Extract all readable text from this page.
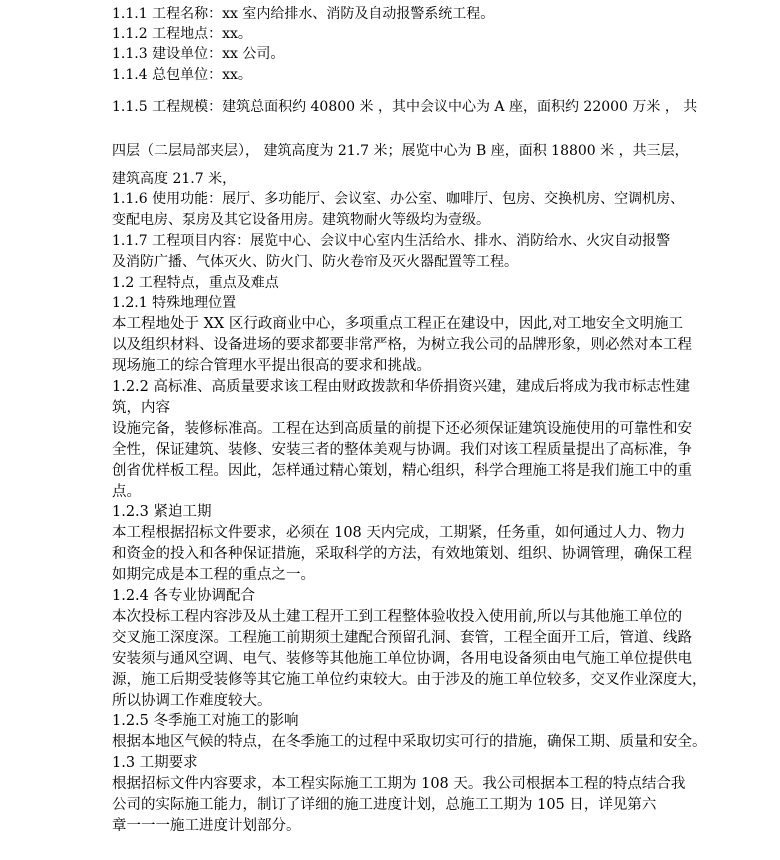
1.1.1 工程名称：xx 室内给排水、消防及自动报警系统工程。
1.1.2 工程地点：xx。
1.1.3 建设单位：xx 公司。
1.1.4 总包单位：xx。
1.1.5 工程规模：建筑总面积约 40800 米 ，其中会议中心为 A 座，面积约 22000 万米 ， 共
四层（二层局部夹层）， 建筑高度为 21.7 米；展览中心为 B 座，面积 18800 米 ，共三层，
建筑高度 21.7 米，
1.1.6 使用功能：展厅、多功能厅、会议室、办公室、咖啡厅、包房、交换机房、空调机房、
变配电房、泵房及其它设备用房。建筑物耐火等级均为壹级。
1.1.7 工程项目内容：展览中心、会议中心室内生活给水、排水、消防给水、火灾自动报警
及消防广播、气体灭火、防火门、防火卷帘及灭火器配置等工程。
1.2 工程特点，重点及难点
1.2.1 特殊地理位置
本工程地处于 XX 区行政商业中心，多项重点工程正在建设中，因此,对工地安全文明施工
以及组织材料、设备进场的要求都要非常严格，为树立我公司的品牌形象，则必然对本工程
现场施工的综合管理水平提出很高的要求和挑战。
1.2.2 高标准、高质量要求该工程由财政拨款和华侨捐资兴建，建成后将成为我市标志性建
筑，内容
设施完备，装修标准高。工程在达到高质量的前提下还必须保证建筑设施使用的可靠性和安
全性，保证建筑、装修、安装三者的整体美观与协调。我们对该工程质量提出了高标准，争
创省优样板工程。因此，怎样通过精心策划，精心组织，科学合理施工将是我们施工中的重
点。
1.2.3 紧迫工期
本工程根据招标文件要求，必须在 108 天内完成，工期紧，任务重，如何通过人力、物力
和资金的投入和各种保证措施，采取科学的方法，有效地策划、组织、协调管理，确保工程
如期完成是本工程的重点之一。
1.2.4 各专业协调配合
本次投标工程内容涉及从土建工程开工到工程整体验收投入使用前,所以与其他施工单位的
交叉施工深度深。工程施工前期须土建配合预留孔洞、套管，工程全面开工后，管道、线路
安装须与通风空调、电气、装修等其他施工单位协调，各用电设备须由电气施工单位提供电
源，施工后期受装修等其它施工单位约束较大。由于涉及的施工单位较多，交叉作业深度大，
所以协调工作难度较大。
1.2.5 冬季施工对施工的影响
根据本地区气候的特点，在冬季施工的过程中采取切实可行的措施，确保工期、质量和安全。
1.3 工期要求
根据招标文件内容要求，本工程实际施工工期为 108 天。我公司根据本工程的特点结合我
公司的实际施工能力，制订了详细的施工进度计划，总施工工期为 105 日，详见第六
章一一一施工进度计划部分。
